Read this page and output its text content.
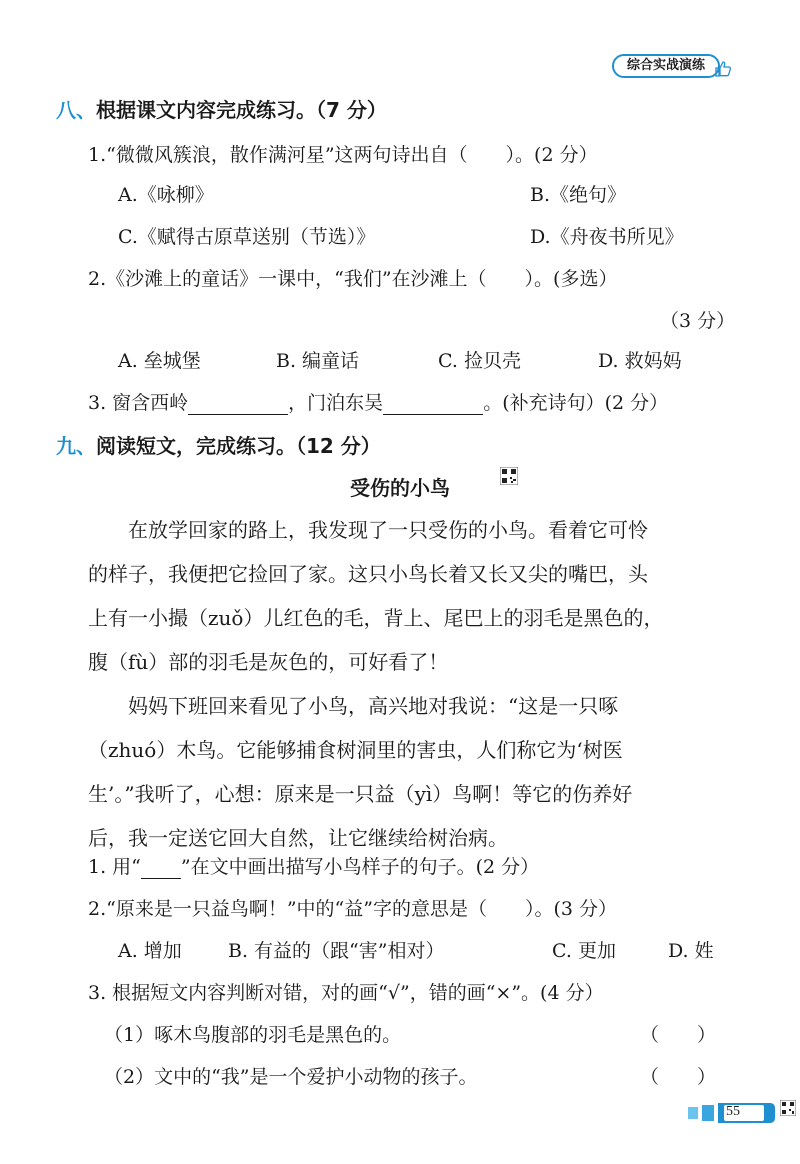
综合实战演练
八、根据课文内容完成练习。（7 分）
1.“微微风簇浪，散作满河星”这两句诗出自（　　）。(2 分）
A.《咏柳》	B.《绝句》
C.《赋得古原草送别（节选）》	D.《舟夜书所见》
2.《沙滩上的童话》一课中，“我们”在沙滩上（　　）。(多选）
（3 分）
A. 垒城堡	B. 编童话	C. 捡贝壳	D. 救妈妈
3. 窗含西岭	，门泊东吴	。(补充诗句）(2 分）
九、阅读短文，完成练习。（12 分）
受伤的小鸟
在放学回家的路上，我发现了一只受伤的小鸟。看着它可怜
的样子，我便把它捡回了家。这只小鸟长着又长又尖的嘴巴，头
上有一小撮（zuǒ）儿红色的毛，背上、尾巴上的羽毛是黑色的，
腹（fù）部的羽毛是灰色的，可好看了！
妈妈下班回来看见了小鸟，高兴地对我说：“这是一只啄
（zhuó）木鸟。它能够捕食树洞里的害虫，人们称它为‘树医
生’。”我听了，心想：原来是一只益（yì）鸟啊！等它的伤养好
后，我一定送它回大自然，让它继续给树治病。
1. 用“ ”在文中画出描写小鸟样子的句子。(2 分）
2.“原来是一只益鸟啊！”中的“益”字的意思是（　　）。(3 分）
A. 增加 B. 有益的（跟“害”相对）	C. 更加	D. 姓
3. 根据短文内容判断对错，对的画“√”，错的画“×”。(4 分）
（1）啄木鸟腹部的羽毛是黑色的。	（　　）
（2）文中的“我”是一个爱护小动物的孩子。	（　　）
55
